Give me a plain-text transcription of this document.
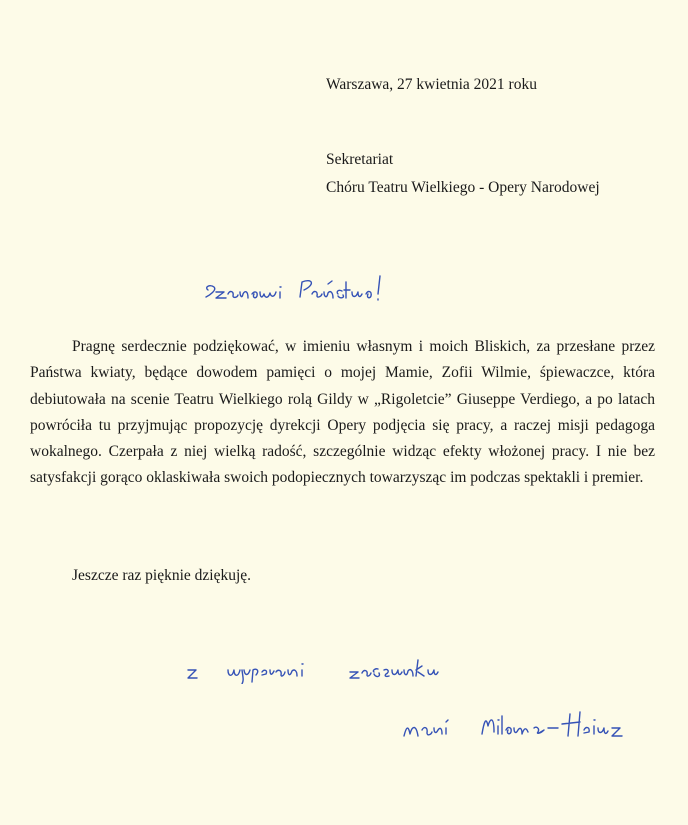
Warszawa, 27 kwietnia 2021 roku
Sekretariat
Chóru Teatru Wielkiego - Opery Narodowej

Pragnę serdecznie podziękować, w imieniu własnym i moich Bliskich, za przesłane przez Państwa kwiaty, będące dowodem pamięci o mojej Mamie, Zofii Wilmie, śpiewaczce, która debiutowała na scenie Teatru Wielkiego rolą Gildy w „Rigoletcie” Giuseppe Verdiego, a po latach powróciła tu przyjmując propozycję dyrekcji Opery podjęcia się pracy, a raczej misji pedagoga wokalnego. Czerpała z niej wielką radość, szczególnie widząc efekty włożonej pracy. I nie bez satysfakcji gorąco oklaskiwała swoich podopiecznych towarzysząc im podczas spektakli i premier.

Jeszcze raz pięknie dziękuję.
